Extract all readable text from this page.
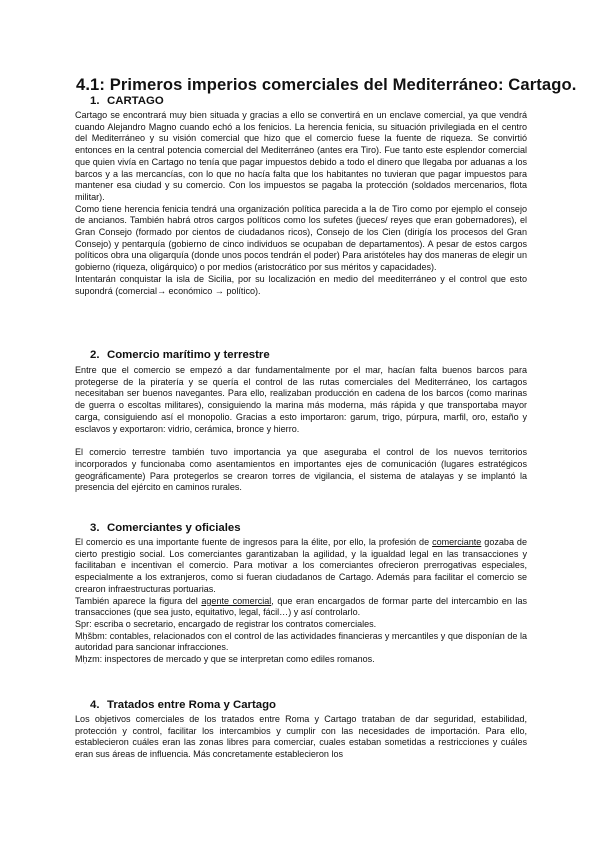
4.1: Primeros imperios comerciales del Mediterráneo: Cartago.
1. CARTAGO

Cartago se encontrará muy bien situada y gracias a ello se convertirá en un enclave comercial, ya que vendrá cuando Alejandro Magno cuando echó a los fenicios. La herencia fenicia, su situación privilegiada en el centro del Mediterráneo y su visión comercial que hizo que el comercio fuese la fuente de riqueza. Se convirtió entonces en la central potencia comercial del Mediterráneo (antes era Tiro). Fue tanto este esplendor comercial que quien vivía en Cartago no tenía que pagar impuestos debido a todo el dinero que llegaba por aduanas a los barcos y a las mercancías, con lo que no hacía falta que los habitantes no tuvieran que pagar impuestos para mantener esa ciudad y su comercio. Con los impuestos se pagaba la protección (soldados mercenarios, flota militar).

Como tiene herencia fenicia tendrá una organización política parecida a la de Tiro como por ejemplo el consejo de ancianos. También habrá otros cargos políticos como los sufetes (jueces/ reyes que eran gobernadores), el Gran Consejo (formado por cientos de ciudadanos ricos), Consejo de los Cien (dirigía los procesos del Gran Consejo) y pentarquía (gobierno de cinco individuos se ocupaban de departamentos). A pesar de estos cargos políticos obra una oligarquía (donde unos pocos tendrán el poder) Para aristóteles hay dos maneras de elegir un gobierno (riqueza, oligárquico) o por medios (aristocrático por sus méritos y capacidades).

Intentarán conquistar la isla de Sicilia, por su localización en medio del meediterráneo y el control que esto supondrá (comercial→ económico → político).

2. Comercio marítimo y terrestre

Entre que el comercio se empezó a dar fundamentalmente por el mar, hacían falta buenos barcos para protegerse de la piratería y se quería el control de las rutas comerciales del Mediterráneo, los cartagos necesitaban ser buenos navegantes. Para ello, realizaban producción en cadena de los barcos (como marinas de guerra o escoltas militares), consiguiendo la marina más moderna, más rápida y que transportaba mayor carga, consiguiendo así el monopolio. Gracias a esto importaron: garum, trigo, púrpura, marfil, oro, estaño y esclavos y exportaron: vidrio, cerámica, bronce y hierro.

El comercio terrestre también tuvo importancia ya que aseguraba el control de los nuevos territorios incorporados y funcionaba como asentamientos en importantes ejes de comunicación (lugares estratégicos geográficamente) Para protegerlos se crearon torres de vigilancia, el sistema de atalayas y se implantó la presencia del ejército en caminos rurales.

3. Comerciantes y oficiales

El comercio es una importante fuente de ingresos para la élite, por ello, la profesión de comerciante gozaba de cierto prestigio social. Los comerciantes garantizaban la agilidad, y la igualdad legal en las transacciones y facilitaban e incentivan el comercio. Para motivar a los comerciantes ofrecieron prerrogativas especiales, especialmente a los extranjeros, como si fueran ciudadanos de Cartago. Además para facilitar el comercio se crearon infraestructuras portuarias.

También aparece la figura del agente comercial, que eran encargados de formar parte del intercambio en las transacciones (que sea justo, equitativo, legal, fácil…) y así controlarlo.

Spr: escriba o secretario, encargado de registrar los contratos comerciales.

Mḥšbm: contables, relacionados con el control de las actividades financieras y mercantiles y que disponían de la autoridad para sancionar infracciones.

Mḥzm: inspectores de mercado y que se interpretan como ediles romanos.

4. Tratados entre Roma y Cartago

Los objetivos comerciales de los tratados entre Roma y Cartago trataban de dar seguridad, estabilidad, protección y control, facilitar los intercambios y cumplir con las necesidades de importación. Para ello, establecieron cuáles eran las zonas libres para comerciar, cuales estaban sometidas a restricciones y cuáles eran sus áreas de influencia. Más concretamente establecieron los
